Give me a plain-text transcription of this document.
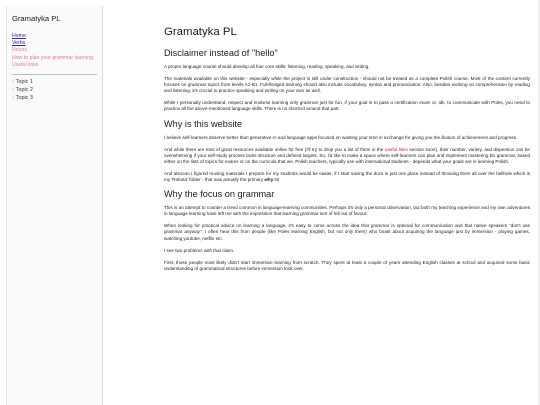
Gramatyka PL
Home
Verbs
Nouns
How to plan your grammar learning
Useful links
› Topic 1
› Topic 2
› Topic 3
Gramatyka PL
Disclaimer instead of "hello"

A proper language course should develop all four core skills: listening, reading, speaking, and writing.

The materials available on this website - especially while the project is still under construction - should not be treated as a complete Polish course. Most of the content currently focuses on grammar topics from levels A1-B1. Full-fledged learning should also include vocabulary, syntax and pronunciation. Also, besides working on comprehension by reading and listening, it's crucial to practice speaking and writing on your own as well.

While I personally understand, respect and endorse learning only grammar just for fun, if your goal is to pass a certification exam or, idk, to communicate with Poles, you need to practice all the above-mentioned language skills. There is no shortcut around that part.

Why is this website

I believe self-learners deserve better than generative AI and language apps focused on wasting your time in exchange for giving you the illusion of achievement and progress.

And while there are tons of great resources available online for free (I'll try to drop you a list of them in the useful links section soon), their number, variety, and dispersion can be overwhelming if your self-study process lacks structure and defined targets. So, I'd like to make a space where self-learners can plan and implement mastering B1 grammar, based either on the lists of topics for exams or on the curricula that we, Polish teachers, typically use with international students - depends what your goals are in learning Polish.

And alsoooo I figured reusing materials I prepare for my students would be easier, if I start saving the docs in just one place instead of throwing them all over the hellhole which is my 'Robota' folder - that was actually the primary why lol

Why the focus on grammar

This is an attempt to counter a trend common in language-learning communities. Perhaps it's only a personal observation, but both my teaching experience and my own adventures in language learning have left me with the impression that learning grammar sort of fell out of favour.

When looking for practical advice on learning a language, it's easy to come across the idea that grammar is optional for communication and that native speakers "don't use grammar anyway". I often hear this from people (like Poles learning English, but not only them) who boast about acquiring the language just by immersion - playing games, watching youtube, netflix etc.

I see two problems with that claim.

First, those people most likely didn't start immersive learning from scratch. They spent at least a couple of years attending English classes at school and acquired some basic understanding of grammatical structures before immersion took over.
